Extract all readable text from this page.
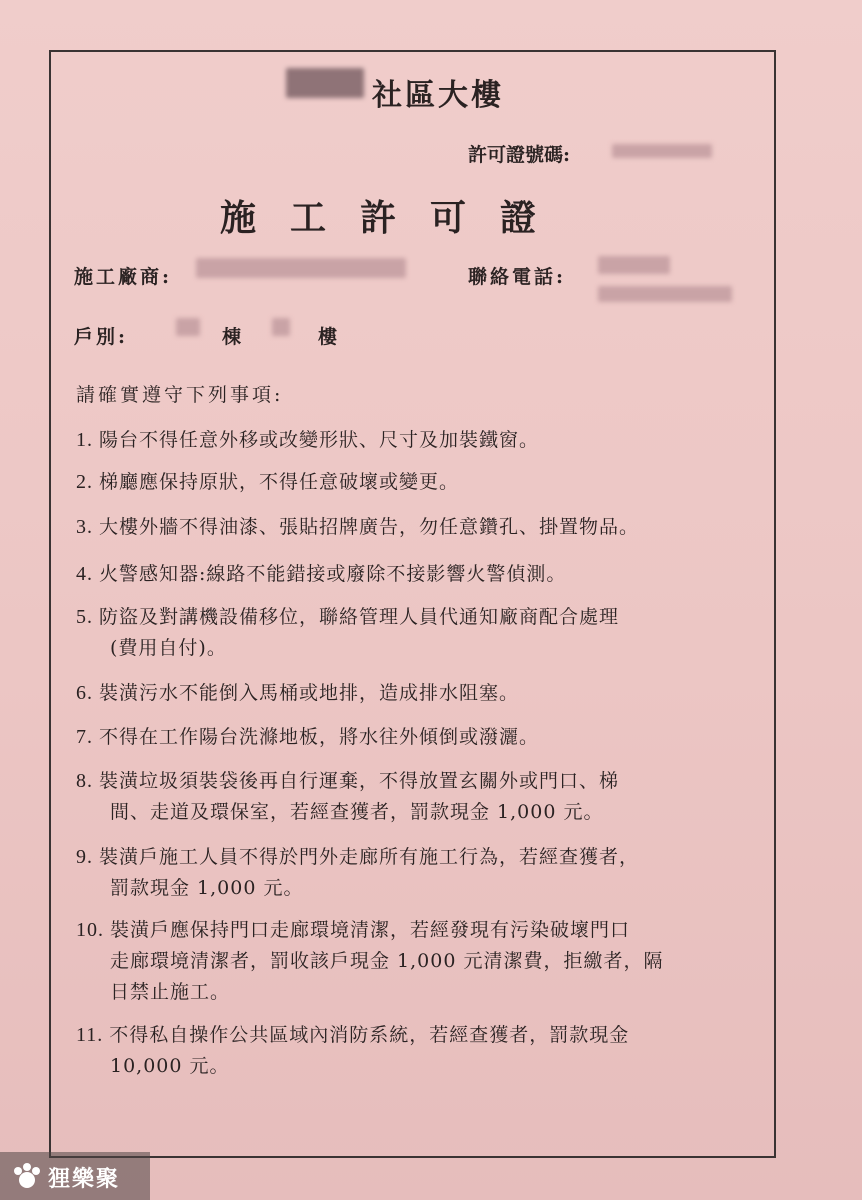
社區大樓
許可證號碼:
施工許可證
施工廠商:	聯絡電話:
戶別:	棟	樓
請確實遵守下列事項:
1. 陽台不得任意外移或改變形狀、尺寸及加裝鐵窗。
2. 梯廳應保持原狀，不得任意破壞或變更。
3. 大樓外牆不得油漆、張貼招牌廣告，勿任意鑽孔、掛置物品。
4. 火警感知器:線路不能錯接或廢除不接影響火警偵測。
5. 防盜及對講機設備移位，聯絡管理人員代通知廠商配合處理
(費用自付)。
6. 裝潢污水不能倒入馬桶或地排，造成排水阻塞。
7. 不得在工作陽台洗滌地板，將水往外傾倒或潑灑。
8. 裝潢垃圾須裝袋後再自行運棄，不得放置玄關外或門口、梯
間、走道及環保室，若經查獲者，罰款現金 1,000 元。
9. 裝潢戶施工人員不得於門外走廊所有施工行為，若經查獲者，
罰款現金 1,000 元。
10. 裝潢戶應保持門口走廊環境清潔，若經發現有污染破壞門口
走廊環境清潔者，罰收該戶現金 1,000 元清潔費，拒繳者，隔
日禁止施工。
11. 不得私自操作公共區域內消防系統，若經查獲者，罰款現金
10,000 元。
狸樂聚
